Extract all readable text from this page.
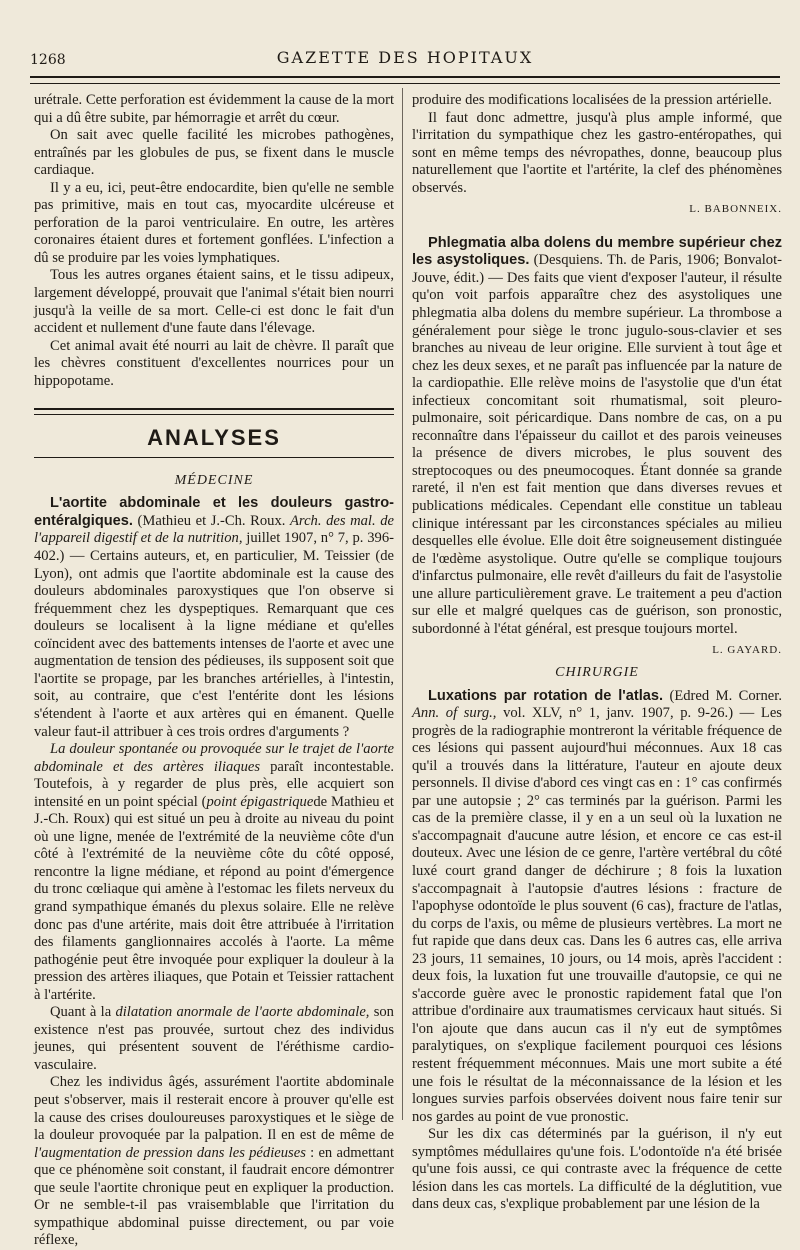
1268	GAZETTE DES HOPITAUX

urétrale. Cette perforation est évidemment la cause de la mort qui a dû être subite, par hémorragie et arrêt du cœur.

On sait avec quelle facilité les microbes pathogènes, entraînés par les globules de pus, se fixent dans le muscle cardiaque.

Il y a eu, ici, peut-être endocardite, bien qu'elle ne semble pas primitive, mais en tout cas, myocardite ulcéreuse et perforation de la paroi ventriculaire. En outre, les artères coronaires étaient dures et fortement gonflées. L'infection a dû se produire par les voies lymphatiques.

Tous les autres organes étaient sains, et le tissu adipeux, largement développé, prouvait que l'animal s'était bien nourri jusqu'à la veille de sa mort. Celle-ci est donc le fait d'un accident et nullement d'une faute dans l'élevage.

Cet animal avait été nourri au lait de chèvre. Il paraît que les chèvres constituent d'excellentes nourrices pour un hippopotame.

ANALYSES
MÉDECINE

L'aortite abdominale et les douleurs gastro-entéralgiques. (Mathieu et J.-Ch. Roux. Arch. des mal. de l'appareil digestif et de la nutrition, juillet 1907, n° 7, p. 396-402.) — Certains auteurs, et, en particulier, M. Teissier (de Lyon), ont admis que l'aortite abdominale est la cause des douleurs abdominales paroxystiques que l'on observe si fréquemment chez les dyspeptiques. Remarquant que ces douleurs se localisent à la ligne médiane et qu'elles coïncident avec des battements intenses de l'aorte et avec une augmentation de tension des pédieuses, ils supposent soit que l'aortite se propage, par les branches artérielles, à l'intestin, soit, au contraire, que c'est l'entérite dont les lésions s'étendent à l'aorte et aux artères qui en émanent. Quelle valeur faut-il attribuer à ces trois ordres d'arguments ?

La douleur spontanée ou provoquée sur le trajet de l'aorte abdominale et des artères iliaques paraît incontestable. Toutefois, à y regarder de plus près, elle acquiert son intensité en un point spécial (point épigastriquede Mathieu et J.-Ch. Roux) qui est situé un peu à droite au niveau du point où une ligne, menée de l'extrémité de la neuvième côte d'un côté à l'extrémité de la neuvième côte du côté opposé, rencontre la ligne médiane, et répond au point d'émergence du tronc cœliaque qui amène à l'estomac les filets nerveux du grand sympathique émanés du plexus solaire. Elle ne relève donc pas d'une artérite, mais doit être attribuée à l'irritation des filaments ganglionnaires accolés à l'aorte. La même pathogénie peut être invoquée pour expliquer la douleur à la pression des artères iliaques, que Potain et Teissier rattachent à l'artérite.

Quant à la dilatation anormale de l'aorte abdominale, son existence n'est pas prouvée, surtout chez des individus jeunes, qui présentent souvent de l'éréthisme cardio-vasculaire.

Chez les individus âgés, assurément l'aortite abdominale peut s'observer, mais il resterait encore à prouver qu'elle est la cause des crises douloureuses paroxystiques et le siège de la douleur provoquée par la palpation. Il en est de même de l'augmentation de pression dans les pédieuses : en admettant que ce phénomène soit constant, il faudrait encore démontrer que seule l'aortite chronique peut en expliquer la production. Or ne semble-t-il pas vraisemblable que l'irritation du sympathique abdominal puisse directement, ou par voie réflexe,

produire des modifications localisées de la pression artérielle.

Il faut donc admettre, jusqu'à plus ample informé, que l'irritation du sympathique chez les gastro-entéropathes, qui sont en même temps des névropathes, donne, beaucoup plus naturellement que l'aortite et l'artérite, la clef des phénomènes observés.

L. BABONNEIX.

Phlegmatia alba dolens du membre supérieur chez les asystoliques. (Desquiens. Th. de Paris, 1906; Bonvalot-Jouve, édit.) — Des faits que vient d'exposer l'auteur, il résulte qu'on voit parfois apparaître chez des asystoliques une phlegmatia alba dolens du membre supérieur. La thrombose a généralement pour siège le tronc jugulo-sous-clavier et ses branches au niveau de leur origine. Elle survient à tout âge et chez les deux sexes, et ne paraît pas influencée par la nature de la cardiopathie. Elle relève moins de l'asystolie que d'un état infectieux concomitant soit rhumatismal, soit pleuro-pulmonaire, soit péricardique. Dans nombre de cas, on a pu reconnaître dans l'épaisseur du caillot et des parois veineuses la présence de divers microbes, le plus souvent des streptocoques ou des pneumocoques. Étant donnée sa grande rareté, il n'en est fait mention que dans diverses revues et publications médicales. Cependant elle constitue un tableau clinique intéressant par les circonstances spéciales au milieu desquelles elle évolue. Elle doit être soigneusement distinguée de l'œdème asystolique. Outre qu'elle se complique toujours d'infarctus pulmonaire, elle revêt d'ailleurs du fait de l'asystolie une allure particulièrement grave. Le traitement a peu d'action sur elle et malgré quelques cas de guérison, son pronostic, subordonné à l'état général, est presque toujours mortel.

L. GAYARD.
CHIRURGIE

Luxations par rotation de l'atlas. (Edred M. Corner. Ann. of surg., vol. XLV, n° 1, janv. 1907, p. 9-26.) — Les progrès de la radiographie montreront la véritable fréquence de ces lésions qui passent aujourd'hui méconnues. Aux 18 cas qu'il a trouvés dans la littérature, l'auteur en ajoute deux personnels. Il divise d'abord ces vingt cas en : 1° cas confirmés par une autopsie ; 2° cas terminés par la guérison. Parmi les cas de la première classe, il y en a un seul où la luxation ne s'accompagnait d'aucune autre lésion, et encore ce cas est-il douteux. Avec une lésion de ce genre, l'artère vertébral du côté luxé court grand danger de déchirure ; 8 fois la luxation s'accompagnait à l'autopsie d'autres lésions : fracture de l'apophyse odontoïde le plus souvent (6 cas), fracture de l'atlas, du corps de l'axis, ou même de plusieurs vertèbres. La mort ne fut rapide que dans deux cas. Dans les 6 autres cas, elle arriva 23 jours, 11 semaines, 10 jours, ou 14 mois, après l'accident : deux fois, la luxation fut une trouvaille d'autopsie, ce qui ne s'accorde guère avec le pronostic rapidement fatal que l'on attribue d'ordinaire aux traumatismes cervicaux haut situés. Si l'on ajoute que dans aucun cas il n'y eut de symptômes paralytiques, on s'explique facilement pourquoi ces lésions restent fréquemment méconnues. Mais une mort subite a été une fois le résultat de la méconnaissance de la lésion et les longues survies parfois observées doivent nous faire tenir sur nos gardes au point de vue pronostic.

Sur les dix cas déterminés par la guérison, il n'y eut symptômes médullaires qu'une fois. L'odontoïde n'a été brisée qu'une fois aussi, ce qui contraste avec la fréquence de cette lésion dans les cas mortels. La difficulté de la déglutition, vue dans deux cas, s'explique probablement par une lésion de la
